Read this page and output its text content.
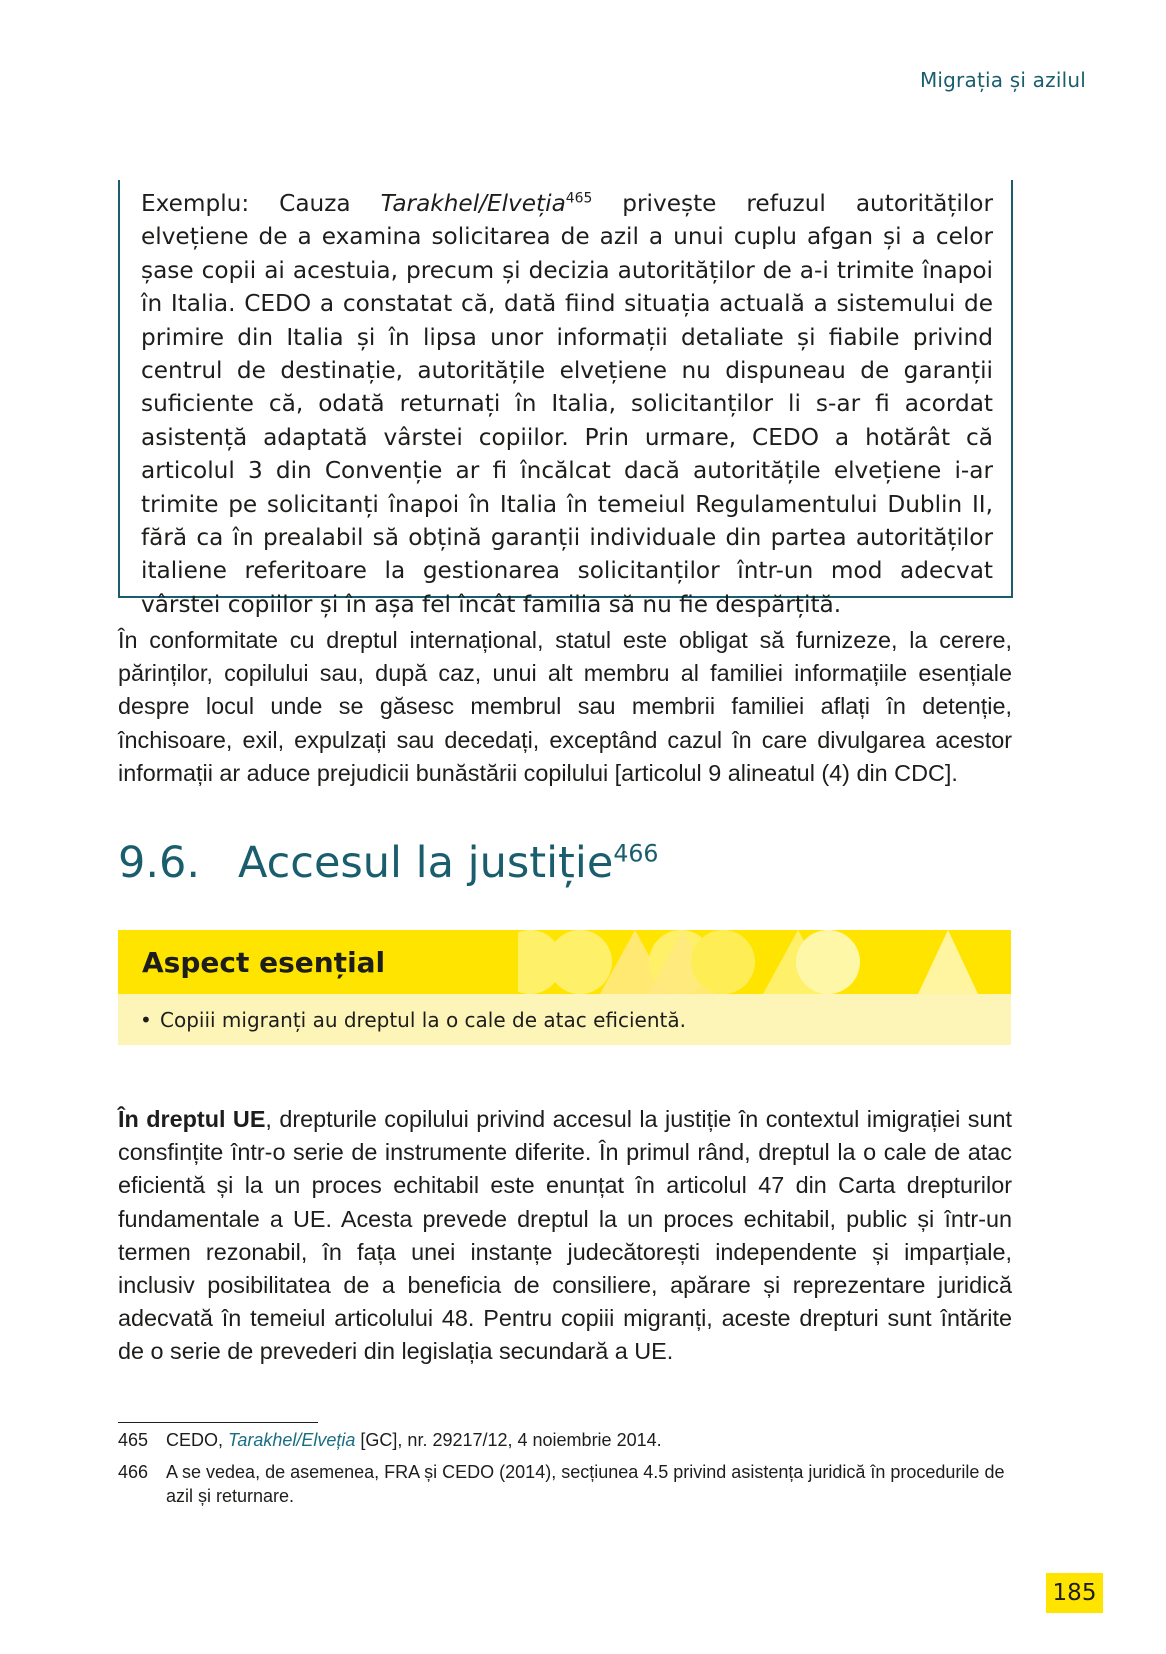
Migrația și azilul
Exemplu: Cauza Tarakhel/Elveția$^{465}$ privește refuzul autorităților elvețiene de a examina solicitarea de azil a unui cuplu afgan și a celor șase copii ai acestuia, precum și decizia autorităților de a-i trimite înapoi în Italia. CEDO a constatat că, dată fiind situația actuală a sistemului de primire din Italia și în lipsa unor informații detaliate și fiabile privind centrul de destinație, autoritățile elvețiene nu dispuneau de garanții suficiente că, odată returnați în Italia, solicitanților li s-ar fi acordat asistență adaptată vârstei copiilor. Prin urmare, CEDO a hotărât că articolul 3 din Convenție ar fi încălcat dacă autoritățile elvețiene i-ar trimite pe solicitanți înapoi în Italia în temeiul Regulamentului Dublin II, fără ca în prealabil să obțină garanții individuale din partea autorităților italiene referitoare la gestionarea solicitanților într-un mod adecvat vârstei copiilor și în așa fel încât familia să nu fie despărțită.
În conformitate cu dreptul internațional, statul este obligat să furnizeze, la cerere, părinților, copilului sau, după caz, unui alt membru al familiei informațiile esențiale despre locul unde se găsesc membrul sau membrii familiei aflați în detenție, închisoare, exil, expulzați sau decedați, exceptând cazul în care divulgarea acestor informații ar aduce prejudicii bunăstării copilului [articolul 9 alineatul (4) din CDC].
9.6. Accesul la justiție$^{466}$
Aspect esențial
• Copiii migranți au dreptul la o cale de atac eficientă.
În dreptul UE, drepturile copilului privind accesul la justiție în contextul imigrației sunt consfințite într-o serie de instrumente diferite. În primul rând, dreptul la o cale de atac eficientă și la un proces echitabil este enunțat în articolul 47 din Carta drepturilor fundamentale a UE. Acesta prevede dreptul la un proces echitabil, public și într-un termen rezonabil, în fața unei instanțe judecătorești independente și imparțiale, inclusiv posibilitatea de a beneficia de consiliere, apărare și reprezentare juridică adecvată în temeiul articolului 48. Pentru copiii migranți, aceste drepturi sunt întărite de o serie de prevederi din legislația secundară a UE.
465 CEDO, Tarakhel/Elveția [GC], nr. 29217/12, 4 noiembrie 2014.
466 A se vedea, de asemenea, FRA și CEDO (2014), secțiunea 4.5 privind asistența juridică în procedurile de azil și returnare.
185
